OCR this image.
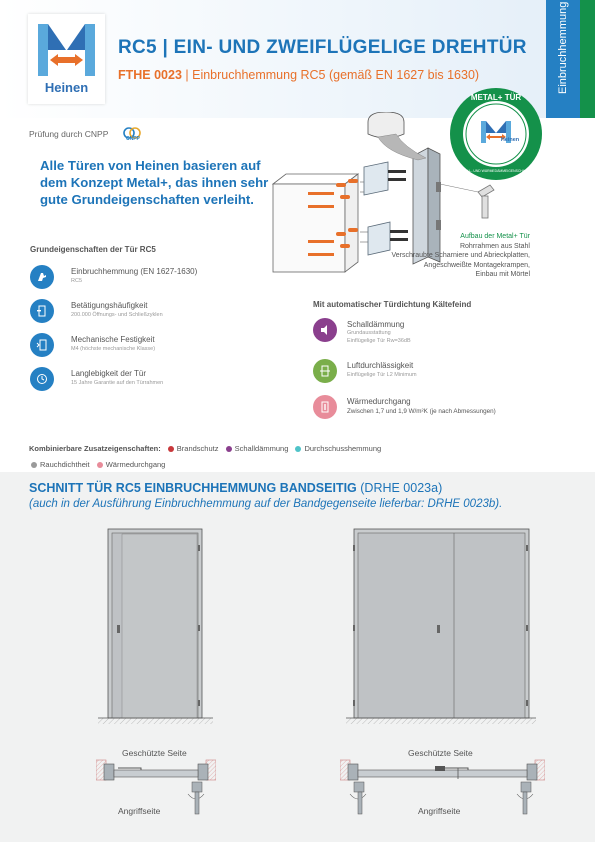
Heinen
RC5 | EIN- UND ZWEIFLÜGELIGE DREHTÜR
FTHE 0023 | Einbruchhemmung RC5 (gemäß EN 1627 bis 1630)	Einbruchhemmung
METAL+ TÜR
Heinen
SCHALL- UND WÄRMEDÄMMEIGENSCHAFTEN
Prüfung durch CNPP	CNPP
Alle Türen von Heinen basieren auf dem Konzept Metal+, das ihnen sehr gute Grundeigenschaften verleiht.
Aufbau der Metal+ Tür
Rohrrahmen aus Stahl
Verschraubte Scharniere und Abrieckplatten,
Angeschweißte Montagekrampen,
Einbau mit Mörtel
Grundeigenschaften der Tür RC5
Einbruchhemmung (EN 1627-1630)
RC5
Betätigungshäufigkeit
200.000 Öffnungs- und Schließzyklen
Mechanische Festigkeit
M4 (höchste mechanische Klasse)
Langlebigkeit der Tür
15 Jahre Garantie auf den Türrahmen
Mit automatischer Türdichtung Kältefeind
Schalldämmung
Grundausstattung
Einflügelige Tür Rw=36dB
Luftdurchlässigkeit
Einflügelige Tür L2 Minimum
Wärmedurchgang
Zwischen 1,7 und 1,9 W/m²K (je nach Abmessungen)
Kombinierbare Zusatzeigenschaften: Brandschutz Schalldämmung Durchschusshemmung
Rauchdichtheit Wärmedurchgang
SCHNITT TÜR RC5 EINBRUCHHEMMUNG BANDSEITIG (DRHE 0023a)
(auch in der Ausführung Einbruchhemmung auf der Bandgegenseite lieferbar: DRHE 0023b).
Geschützte Seite	Geschützte Seite
Angriffseite	Angriffseite
